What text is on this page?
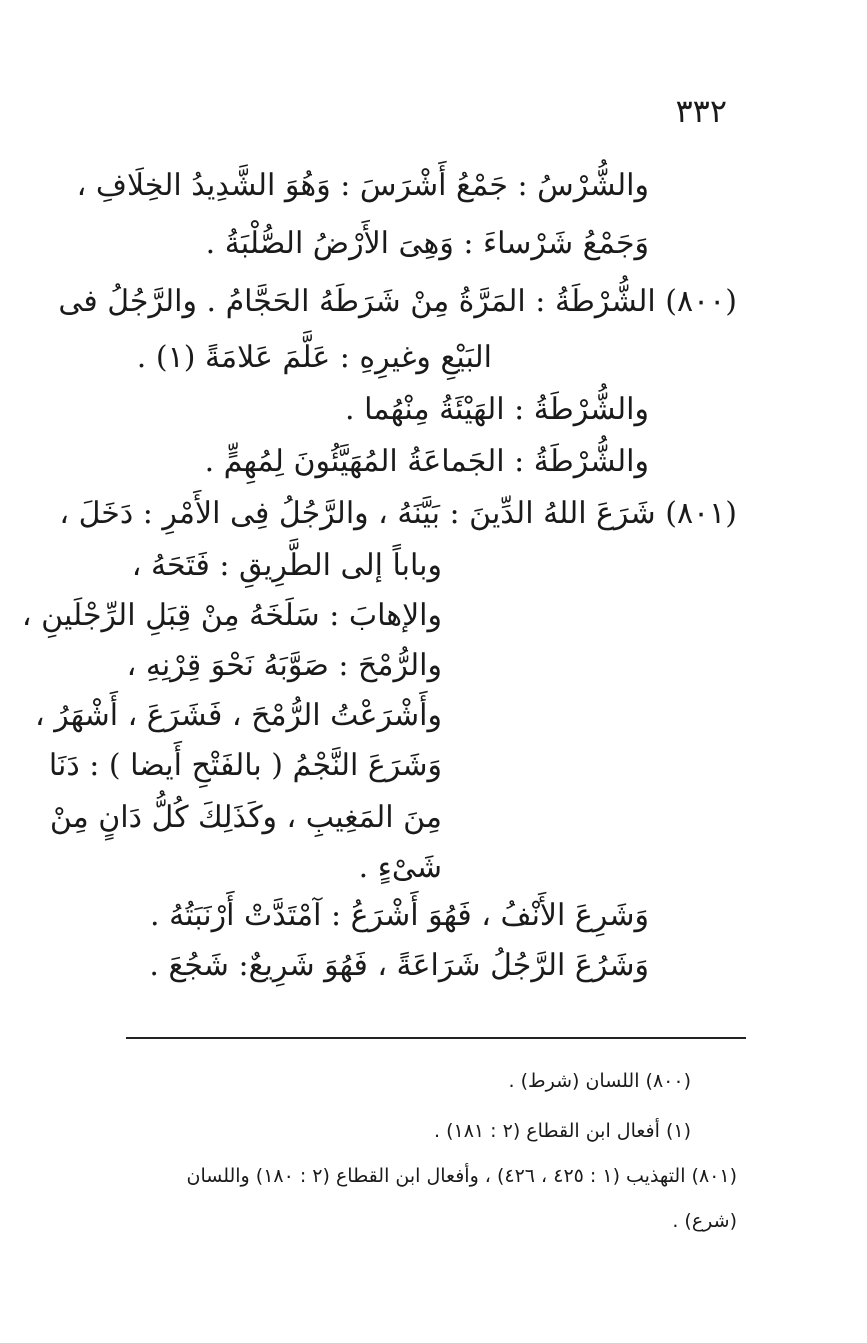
٣٣٢
والشُّرْسُ : جَمْعُ أَشْرَسَ : وَهُوَ الشَّدِيدُ الخِلَافِ ،
وَجَمْعُ شَرْساءَ : وَهِىَ الأَرْضُ الصُّلْبَةُ .
(٨٠٠) الشُّرْطَةُ : المَرَّةُ مِنْ شَرَطَهُ الحَجَّامُ . والرَّجُلُ فى
البَيْعِ وغيرِهِ : عَلَّمَ عَلامَةً (١) .
والشُّرْطَةُ : الهَيْئَةُ مِنْهُما .
والشُّرْطَةُ : الجَماعَةُ المُهَيَّئُونَ لِمُهِمٍّ .
(٨٠١) شَرَعَ اللهُ الدِّينَ : بَيَّنَهُ ، والرَّجُلُ فِى الأَمْرِ : دَخَلَ ،
وباباً إلى الطَّرِيقِ : فَتَحَهُ ،
والإهابَ : سَلَخَهُ مِنْ قِبَلِ الرِّجْلَينِ ،
والرُّمْحَ : صَوَّبَهُ نَحْوَ قِرْنِهِ ،
وأَشْرَعْتُ الرُّمْحَ ، فَشَرَعَ ، أَشْهَرُ ،
وَشَرَعَ النَّجْمُ ( بالفَتْحِ أَيضا ) : دَنَا
مِنَ المَغِيبِ ، وكَذَلِكَ كُلُّ دَانٍ مِنْ
شَىْءٍ .
وَشَرِعَ الأَنْفُ ، فَهُوَ أَشْرَعُ : آمْتَدَّتْ أَرْنَبَتُهُ .
وَشَرُعَ الرَّجُلُ شَرَاعَةً ، فَهُوَ شَرِيعٌ: شَجُعَ .
(٨٠٠) اللسان (شرط) .
(١) أفعال ابن القطاع (٢ : ١٨١) .
(٨٠١) التهذيب (١ : ٤٢٥ ، ٤٢٦) ، وأفعال ابن القطاع (٢ : ١٨٠) واللسان
(شرع) .
